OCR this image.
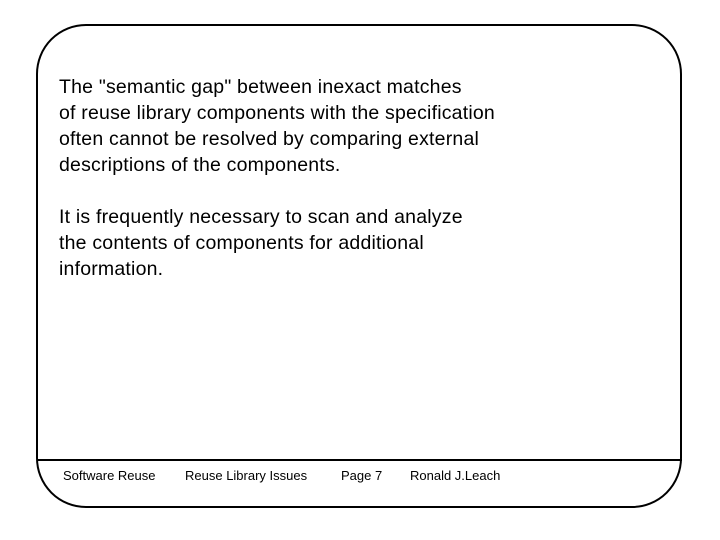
The "semantic gap" between inexact matches
of reuse library components with the specification
often cannot be resolved by comparing external
descriptions of the components.

It is frequently necessary to scan and analyze
the contents of components for additional
information.

Software Reuse Reuse Library Issues	Page 7 Ronald J.Leach
